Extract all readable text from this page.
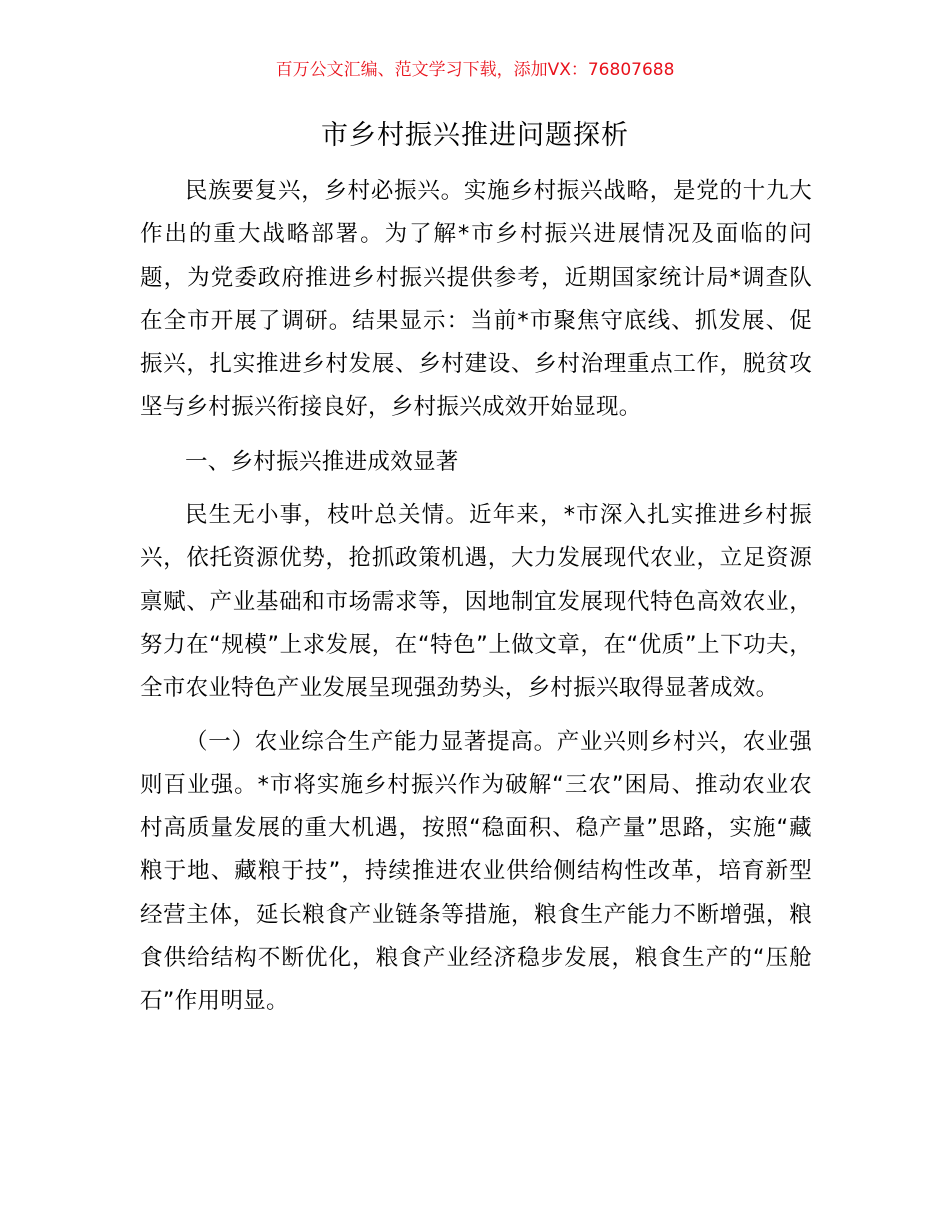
百万公文汇编、范文学习下载，添加VX：76807688
市乡村振兴推进问题探析

民族要复兴，乡村必振兴。实施乡村振兴战略，是党的十九大作出的重大战略部署。为了解*市乡村振兴进展情况及面临的问题，为党委政府推进乡村振兴提供参考，近期国家统计局*调查队在全市开展了调研。结果显示：当前*市聚焦守底线、抓发展、促振兴，扎实推进乡村发展、乡村建设、乡村治理重点工作，脱贫攻坚与乡村振兴衔接良好，乡村振兴成效开始显现。

一、乡村振兴推进成效显著

民生无小事，枝叶总关情。近年来，*市深入扎实推进乡村振兴，依托资源优势，抢抓政策机遇，大力发展现代农业，立足资源禀赋、产业基础和市场需求等，因地制宜发展现代特色高效农业，努力在“规模”上求发展，在“特色”上做文章，在“优质”上下功夫，全市农业特色产业发展呈现强劲势头，乡村振兴取得显著成效。

（一）农业综合生产能力显著提高。产业兴则乡村兴，农业强则百业强。*市将实施乡村振兴作为破解“三农”困局、推动农业农村高质量发展的重大机遇，按照“稳面积、稳产量”思路，实施“藏粮于地、藏粮于技”，持续推进农业供给侧结构性改革，培育新型经营主体，延长粮食产业链条等措施，粮食生产能力不断增强，粮食供给结构不断优化，粮食产业经济稳步发展，粮食生产的“压舱石”作用明显。
